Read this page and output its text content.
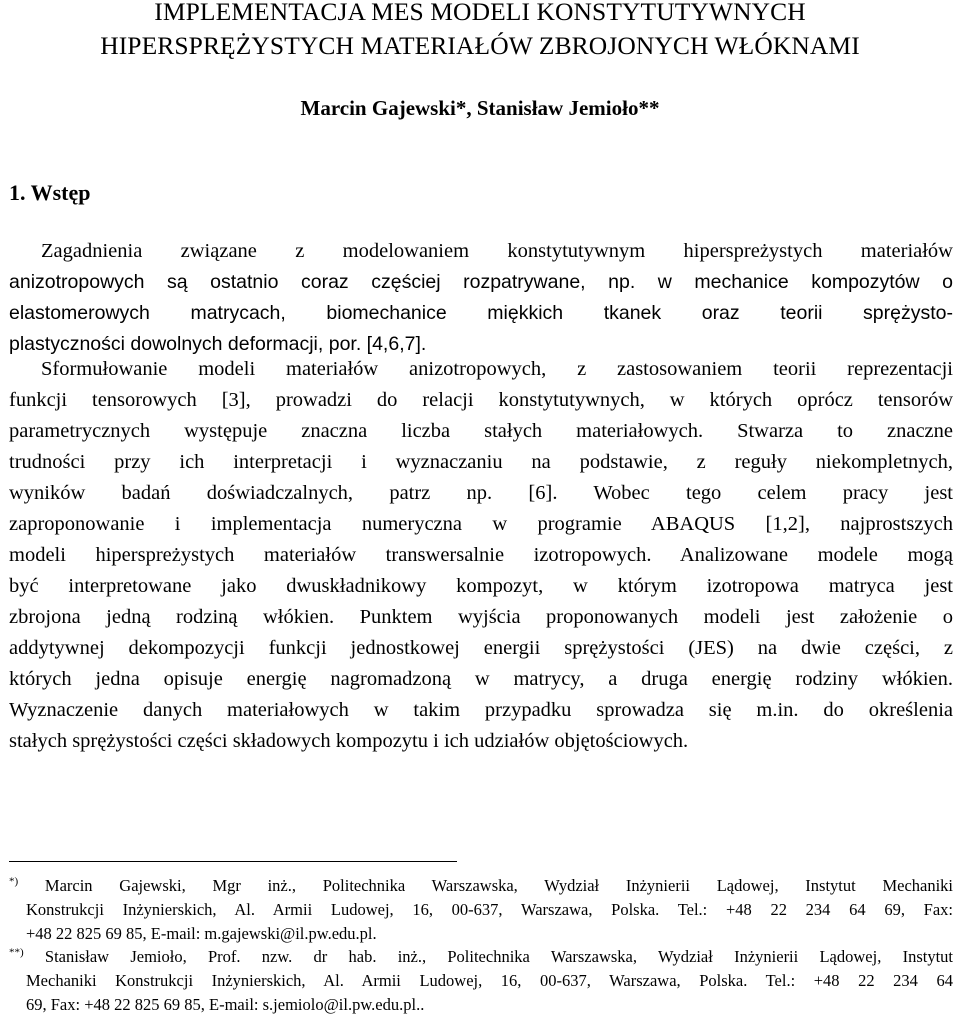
IMPLEMENTACJA MES MODELI KONSTYTUTYWNYCH
HIPERSPRĘŻYSTYCH MATERIAŁÓW ZBROJONYCH WŁÓKNAMI
Marcin Gajewski*, Stanisław Jemioło**
1. Wstęp
Zagadnienia związane z modelowaniem konstytutywnym hiperspreżystych materiałów
anizotropowych są ostatnio coraz częściej rozpatrywane, np. w mechanice kompozytów o
elastomerowych matrycach, biomechanice miękkich tkanek oraz teorii sprężysto-
plastyczności dowolnych deformacji, por. [4,6,7].
Sformułowanie modeli materiałów anizotropowych, z zastosowaniem teorii reprezentacji
funkcji tensorowych [3], prowadzi do relacji konstytutywnych, w których oprócz tensorów
parametrycznych występuje znaczna liczba stałych materiałowych. Stwarza to znaczne
trudności przy ich interpretacji i wyznaczaniu na podstawie, z reguły niekompletnych,
wyników badań doświadczalnych, patrz np. [6]. Wobec tego celem pracy jest
zaproponowanie i implementacja numeryczna w programie ABAQUS [1,2], najprostszych
modeli hiperspreżystych materiałów transwersalnie izotropowych. Analizowane modele mogą
być interpretowane jako dwuskładnikowy kompozyt, w którym izotropowa matryca jest
zbrojona jedną rodziną włókien. Punktem wyjścia proponowanych modeli jest założenie o
addytywnej dekompozycji funkcji jednostkowej energii sprężystości (JES) na dwie części, z
których jedna opisuje energię nagromadzoną w matrycy, a druga energię rodziny włókien.
Wyznaczenie danych materiałowych w takim przypadku sprowadza się m.in. do określenia
stałych sprężystości części składowych kompozytu i ich udziałów objętościowych.
*) Marcin Gajewski, Mgr inż., Politechnika Warszawska, Wydział Inżynierii Lądowej, Instytut Mechaniki
Konstrukcji Inżynierskich, Al. Armii Ludowej, 16, 00-637, Warszawa, Polska. Tel.: +48 22 234 64 69, Fax:
+48 22 825 69 85, E-mail: m.gajewski@il.pw.edu.pl.
**) Stanisław Jemioło, Prof. nzw. dr hab. inż., Politechnika Warszawska, Wydział Inżynierii Lądowej, Instytut
Mechaniki Konstrukcji Inżynierskich, Al. Armii Ludowej, 16, 00-637, Warszawa, Polska. Tel.: +48 22 234 64
69, Fax: +48 22 825 69 85, E-mail: s.jemiolo@il.pw.edu.pl..
